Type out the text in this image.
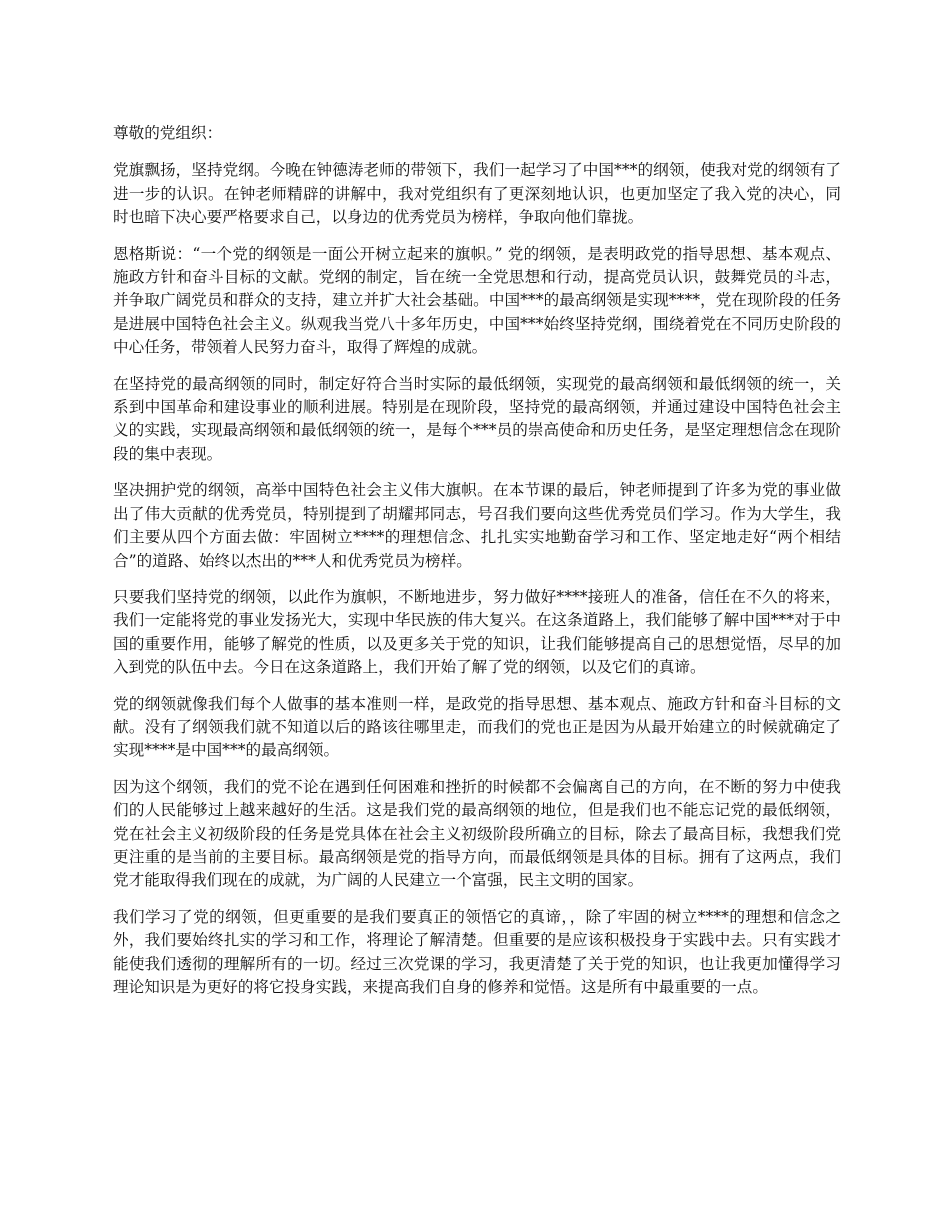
尊敬的党组织：

党旗飘扬，坚持党纲。今晚在钟德涛老师的带领下，我们一起学习了中国***的纲领，使我对党的纲领有了进一步的认识。在钟老师精辟的讲解中，我对党组织有了更深刻地认识，也更加坚定了我入党的决心，同时也暗下决心要严格要求自己，以身边的优秀党员为榜样，争取向他们靠拢。

恩格斯说：“一个党的纲领是一面公开树立起来的旗帜。” 党的纲领，是表明政党的指导思想、基本观点、施政方针和奋斗目标的文献。党纲的制定，旨在统一全党思想和行动，提高党员认识，鼓舞党员的斗志，并争取广阔党员和群众的支持，建立并扩大社会基础。中国***的最高纲领是实现****，党在现阶段的任务是进展中国特色社会主义。纵观我当党八十多年历史，中国***始终坚持党纲，围绕着党在不同历史阶段的中心任务，带领着人民努力奋斗，取得了辉煌的成就。

在坚持党的最高纲领的同时，制定好符合当时实际的最低纲领，实现党的最高纲领和最低纲领的统一，关系到中国革命和建设事业的顺利进展。特别是在现阶段，坚持党的最高纲领，并通过建设中国特色社会主义的实践，实现最高纲领和最低纲领的统一，是每个***员的崇高使命和历史任务，是坚定理想信念在现阶段的集中表现。

坚决拥护党的纲领，高举中国特色社会主义伟大旗帜。在本节课的最后，钟老师提到了许多为党的事业做出了伟大贡献的优秀党员，特别提到了胡耀邦同志，号召我们要向这些优秀党员们学习。作为大学生，我们主要从四个方面去做：牢固树立****的理想信念、扎扎实实地勤奋学习和工作、坚定地走好“两个相结合”的道路、始终以杰出的***人和优秀党员为榜样。

只要我们坚持党的纲领，以此作为旗帜，不断地进步，努力做好****接班人的准备，信任在不久的将来，我们一定能将党的事业发扬光大，实现中华民族的伟大复兴。在这条道路上，我们能够了解中国***对于中国的重要作用，能够了解党的性质，以及更多关于党的知识，让我们能够提高自己的思想觉悟，尽早的加入到党的队伍中去。今日在这条道路上，我们开始了解了党的纲领，以及它们的真谛。

党的纲领就像我们每个人做事的基本准则一样，是政党的指导思想、基本观点、施政方针和奋斗目标的文献。没有了纲领我们就不知道以后的路该往哪里走，而我们的党也正是因为从最开始建立的时候就确定了实现****是中国***的最高纲领。

因为这个纲领，我们的党不论在遇到任何困难和挫折的时候都不会偏离自己的方向，在不断的努力中使我们的人民能够过上越来越好的生活。这是我们党的最高纲领的地位，但是我们也不能忘记党的最低纲领，党在社会主义初级阶段的任务是党具体在社会主义初级阶段所确立的目标，除去了最高目标，我想我们党更注重的是当前的主要目标。最高纲领是党的指导方向，而最低纲领是具体的目标。拥有了这两点，我们党才能取得我们现在的成就，为广阔的人民建立一个富强，民主文明的国家。

我们学习了党的纲领，但更重要的是我们要真正的领悟它的真谛，，除了牢固的树立****的理想和信念之外，我们要始终扎实的学习和工作，将理论了解清楚。但重要的是应该积极投身于实践中去。只有实践才能使我们透彻的理解所有的一切。经过三次党课的学习，我更清楚了关于党的知识，也让我更加懂得学习理论知识是为更好的将它投身实践，来提高我们自身的修养和觉悟。这是所有中最重要的一点。
